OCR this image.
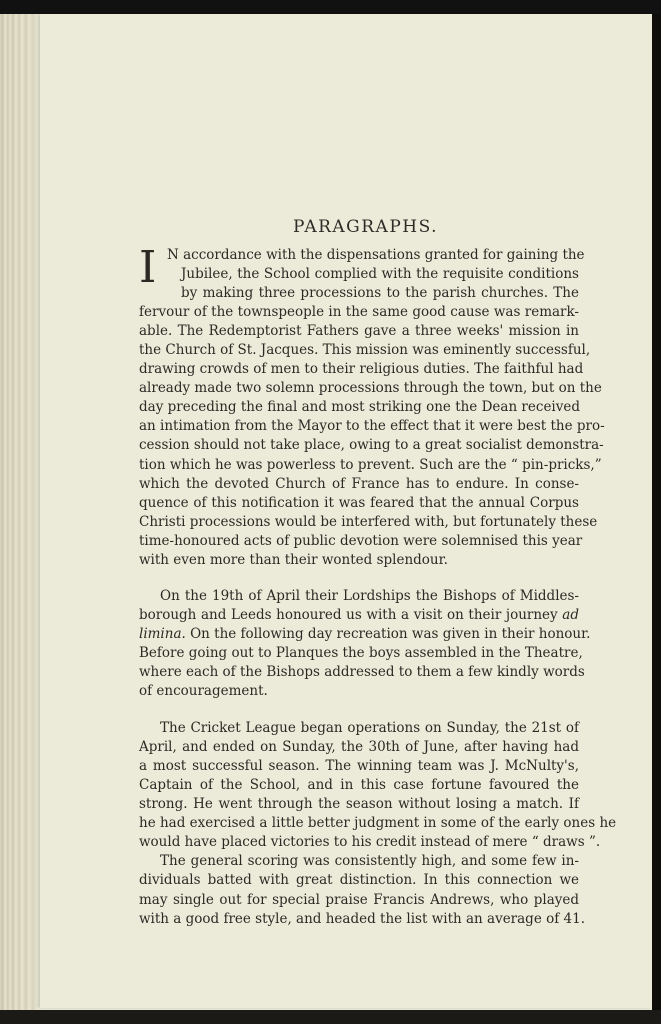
PARAGRAPHS.
I N accordance with the dispensations granted for gaining the
Jubilee, the School complied with the requisite conditions
by making three processions to the parish churches. The
fervour of the townspeople in the same good cause was remark-
able. The Redemptorist Fathers gave a three weeks' mission in
the Church of St. Jacques. This mission was eminently successful,
drawing crowds of men to their religious duties. The faithful had
already made two solemn processions through the town, but on the
day preceding the final and most striking one the Dean received
an intimation from the Mayor to the effect that it were best the pro-
cession should not take place, owing to a great socialist demonstra-
tion which he was powerless to prevent. Such are the “ pin-pricks,”
which the devoted Church of France has to endure. In conse-
quence of this notification it was feared that the annual Corpus
Christi processions would be interfered with, but fortunately these
time-honoured acts of public devotion were solemnised this year
with even more than their wonted splendour.
On the 19th of April their Lordships the Bishops of Middles-
borough and Leeds honoured us with a visit on their journey ad
limina. On the following day recreation was given in their honour.
Before going out to Planques the boys assembled in the Theatre,
where each of the Bishops addressed to them a few kindly words
of encouragement.
The Cricket League began operations on Sunday, the 21st of
April, and ended on Sunday, the 30th of June, after having had
a most successful season. The winning team was J. McNulty's,
Captain of the School, and in this case fortune favoured the
strong. He went through the season without losing a match. If
he had exercised a little better judgment in some of the early ones he
would have placed victories to his credit instead of mere “ draws ”.
The general scoring was consistently high, and some few in-
dividuals batted with great distinction. In this connection we
may single out for special praise Francis Andrews, who played
with a good free style, and headed the list with an average of 41.
